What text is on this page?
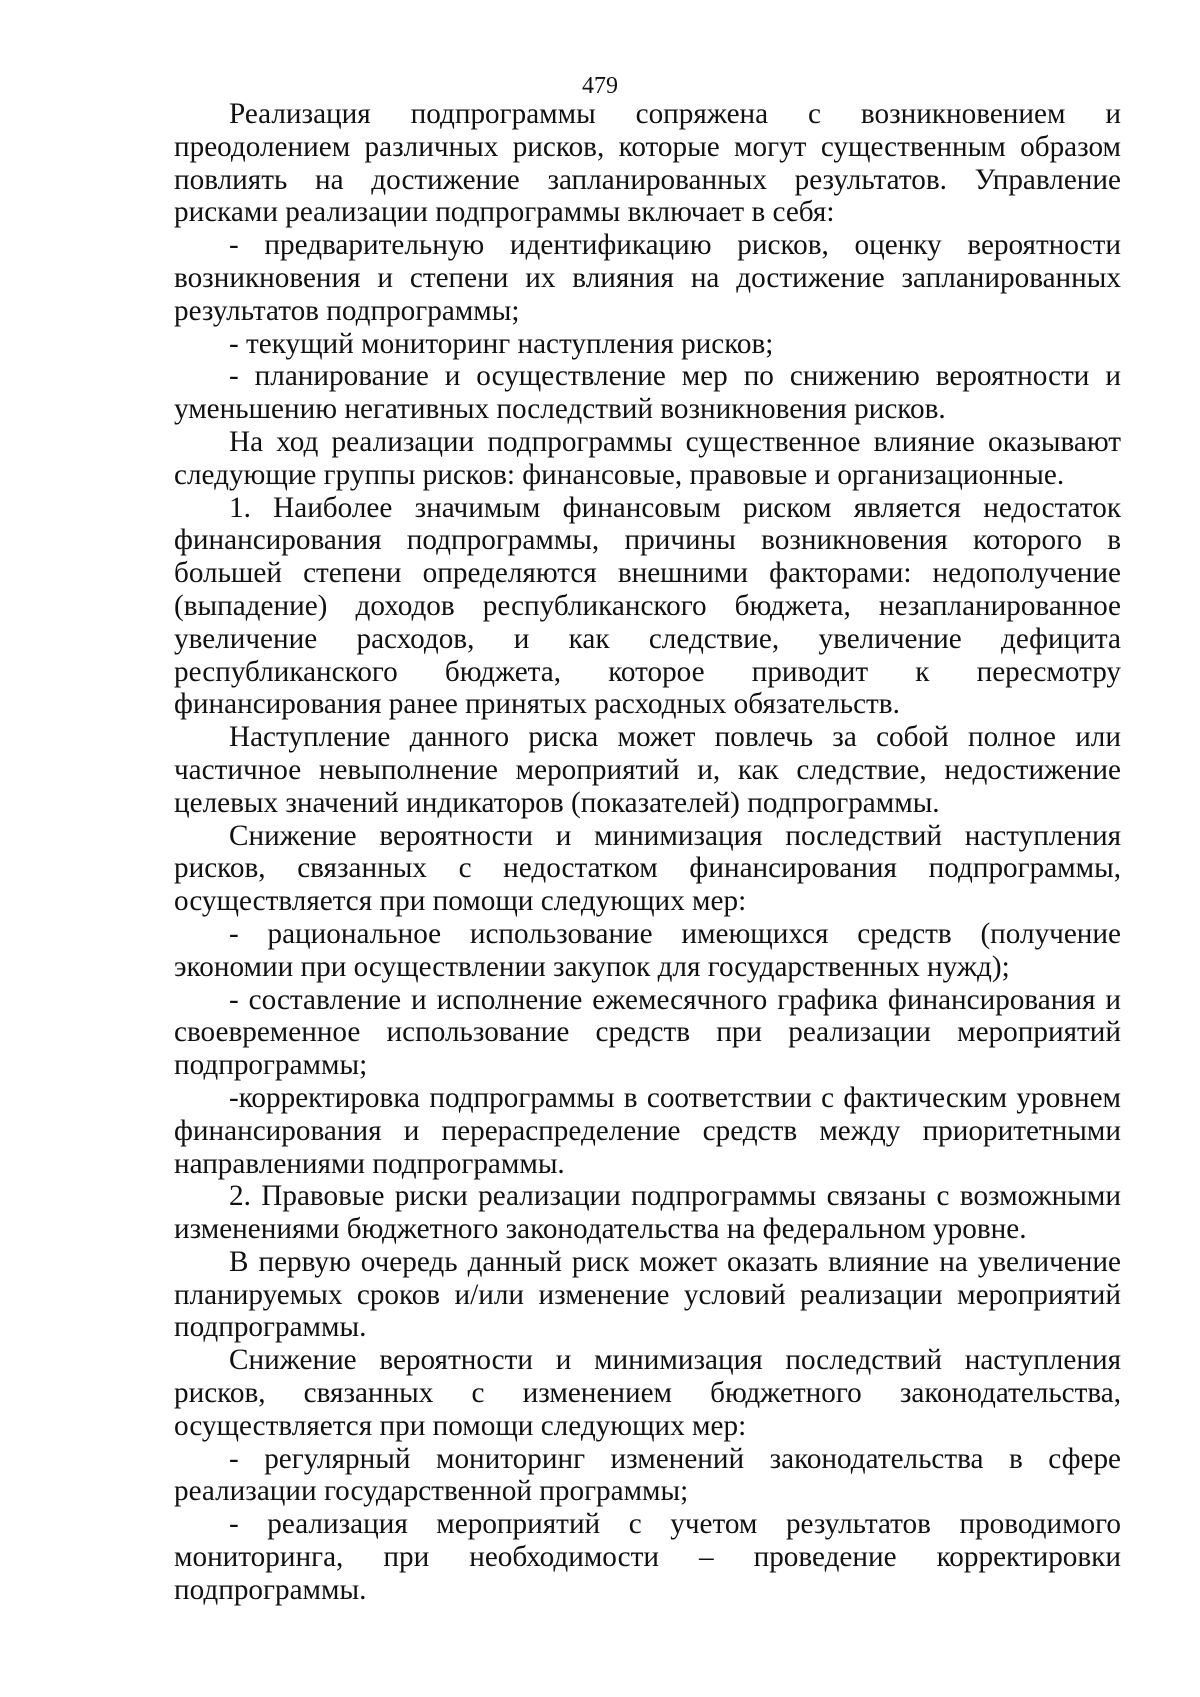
479

Реализация подпрограммы сопряжена с возникновением и преодолением различных рисков, которые могут существенным образом повлиять на достижение запланированных результатов. Управление рисками реализации подпрограммы включает в себя:

- предварительную идентификацию рисков, оценку вероятности возникновения и степени их влияния на достижение запланированных результатов подпрограммы;

- текущий мониторинг наступления рисков;

- планирование и осуществление мер по снижению вероятности и уменьшению негативных последствий возникновения рисков.

На ход реализации подпрограммы существенное влияние оказывают следующие группы рисков: финансовые, правовые и организационные.

1. Наиболее значимым финансовым риском является недостаток финансирования подпрограммы, причины возникновения которого в большей степени определяются внешними факторами: недополучение (выпадение) доходов республиканского бюджета, незапланированное увеличение расходов, и как следствие, увеличение дефицита республиканского бюджета, которое приводит к пересмотру финансирования ранее принятых расходных обязательств.

Наступление данного риска может повлечь за собой полное или частичное невыполнение мероприятий и, как следствие, недостижение целевых значений индикаторов (показателей) подпрограммы.

Снижение вероятности и минимизация последствий наступления рисков, связанных с недостатком финансирования подпрограммы, осуществляется при помощи следующих мер:

- рациональное использование имеющихся средств (получение экономии при осуществлении закупок для государственных нужд);

- составление и исполнение ежемесячного графика финансирования и своевременное использование средств при реализации мероприятий подпрограммы;

-корректировка подпрограммы в соответствии с фактическим уровнем финансирования и перераспределение средств между приоритетными направлениями подпрограммы.

2. Правовые риски реализации подпрограммы связаны с возможными изменениями бюджетного законодательства на федеральном уровне.

В первую очередь данный риск может оказать влияние на увеличение планируемых сроков и/или изменение условий реализации мероприятий подпрограммы.

Снижение вероятности и минимизация последствий наступления рисков, связанных с изменением бюджетного законодательства, осуществляется при помощи следующих мер:

- регулярный мониторинг изменений законодательства в сфере реализации государственной программы;

- реализация мероприятий с учетом результатов проводимого мониторинга, при необходимости – проведение корректировки подпрограммы.
